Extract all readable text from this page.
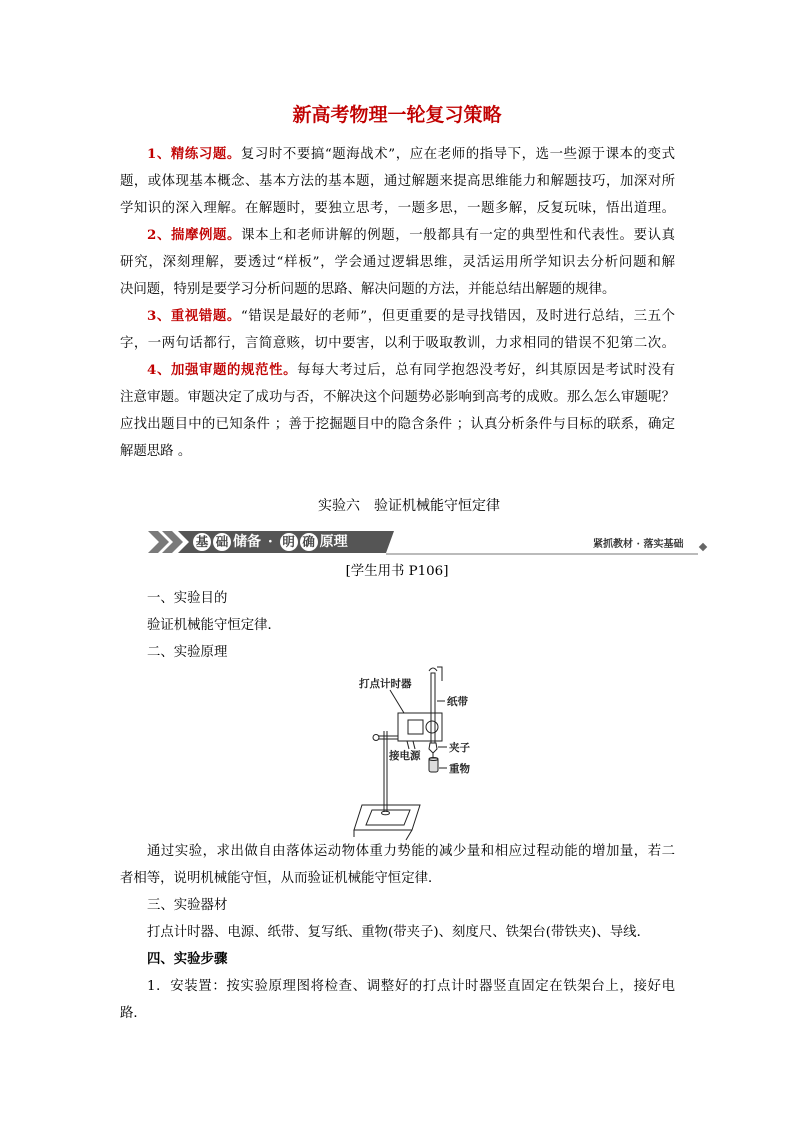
新高考物理一轮复习策略
1、精练习题。复习时不要搞“题海战术”，应在老师的指导下，选一些源于课本的变式
题，或体现基本概念、基本方法的基本题，通过解题来提高思维能力和解题技巧，加深对所
学知识的深入理解。在解题时，要独立思考，一题多思，一题多解，反复玩味，悟出道理。
2、揣摩例题。课本上和老师讲解的例题，一般都具有一定的典型性和代表性。要认真
研究，深刻理解，要透过“样板”，学会通过逻辑思维，灵活运用所学知识去分析问题和解
决问题，特别是要学习分析问题的思路、解决问题的方法，并能总结出解题的规律。
3、重视错题。“错误是最好的老师”，但更重要的是寻找错因，及时进行总结，三五个
字，一两句话都行，言简意赅，切中要害，以利于吸取教训，力求相同的错误不犯第二次。
4、加强审题的规范性。每每大考过后，总有同学抱怨没考好，纠其原因是考试时没有
注意审题。审题决定了成功与否，不解决这个问题势必影响到高考的成败。那么怎么审题呢？
应找出题目中的已知条件 ；善于挖掘题目中的隐含条件 ；认真分析条件与目标的联系，确定
解题思路 。
实验六　验证机械能守恒定律
基 础 储备 · 明 确 原理	紧抓教材 · 落实基础
[学生用书 P106]
一、实验目的
验证机械能守恒定律．
二、实验原理
打点计时器
纸带
夹子
接电源
重物
通过实验，求出做自由落体运动物体重力势能的减少量和相应过程动能的增加量，若二
者相等，说明机械能守恒，从而验证机械能守恒定律．
三、实验器材
打点计时器、电源、纸带、复写纸、重物(带夹子)、刻度尺、铁架台(带铁夹)、导线．
四、实验步骤
1．安装置：按实验原理图将检查、调整好的打点计时器竖直固定在铁架台上，接好电
路．
